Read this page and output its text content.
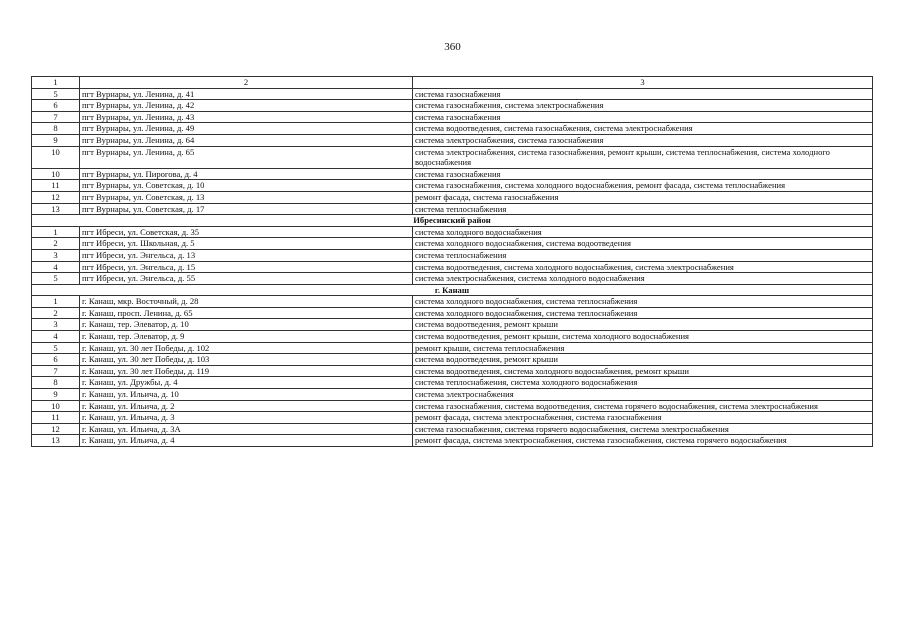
360
1	2	3
5	пгт Вурнары, ул. Ленина, д. 41	система газоснабжения
6	пгт Вурнары, ул. Ленина, д. 42	система газоснабжения, система электроснабжения
7	пгт Вурнары, ул. Ленина, д. 43	система газоснабжения
8	пгт Вурнары, ул. Ленина, д. 49	система водоотведения, система газоснабжения, система электроснабжения
9	пгт Вурнары, ул. Ленина, д. 64	система электроснабжения, система газоснабжения
10	пгт Вурнары, ул. Ленина, д. 65	система электроснабжения, система газоснабжения, ремонт крыши, система теплоснабжения, система холодного водоснабжения
10	пгт Вурнары, ул. Пирогова, д. 4	система газоснабжения
11	пгт Вурнары, ул. Советская, д. 10	система газоснабжения, система холодного водоснабжения, ремонт фасада, система теплоснабжения
12	пгт Вурнары, ул. Советская, д. 13	ремонт фасада, система газоснабжения
13	пгт Вурнары, ул. Советская, д. 17	система теплоснабжения
Ибресинский район		
1	пгт Ибреси, ул. Советская, д. 35	система холодного водоснабжения
2	пгт Ибреси, ул. Школьная, д. 5	система холодного водоснабжения, система водоотведения
3	пгт Ибреси, ул. Энгельса, д. 13	система теплоснабжения
4	пгт Ибреси, ул. Энгельса, д. 15	система водоотведения, система холодного водоснабжения, система электроснабжения
5	пгт Ибреси, ул. Энгельса, д. 55	система электроснабжения, система холодного водоснабжения
г. Канаш		
1	г. Канаш, мкр. Восточный, д. 28	система холодного водоснабжения, система теплоснабжения
2	г. Канаш, просп. Ленина, д. 65	система холодного водоснабжения, система теплоснабжения
3	г. Канаш, тер. Элеватор, д. 10	система водоотведения, ремонт крыши
4	г. Канаш, тер. Элеватор, д. 9	система водоотведения, ремонт крыши, система холодного водоснабжения
5	г. Канаш, ул. 30 лет Победы, д. 102	ремонт крыши, система теплоснабжения
6	г. Канаш, ул. 30 лет Победы, д. 103	система водоотведения, ремонт крыши
7	г. Канаш, ул. 30 лет Победы, д. 119	система водоотведения, система холодного водоснабжения, ремонт крыши
8	г. Канаш, ул. Дружбы, д. 4	система теплоснабжения, система холодного водоснабжения
9	г. Канаш, ул. Ильича, д. 10	система электроснабжения
10	г. Канаш, ул. Ильича, д. 2	система газоснабжения, система водоотведения, система горячего водоснабжения, система электроснабжения
11	г. Канаш, ул. Ильича, д. 3	ремонт фасада, система электроснабжения, система газоснабжения
12	г. Канаш, ул. Ильича, д. 3А	система газоснабжения, система горячего водоснабжения, система электроснабжения
13	г. Канаш, ул. Ильича, д. 4	ремонт фасада, система электроснабжения, система газоснабжения, система горячего водоснабжения
